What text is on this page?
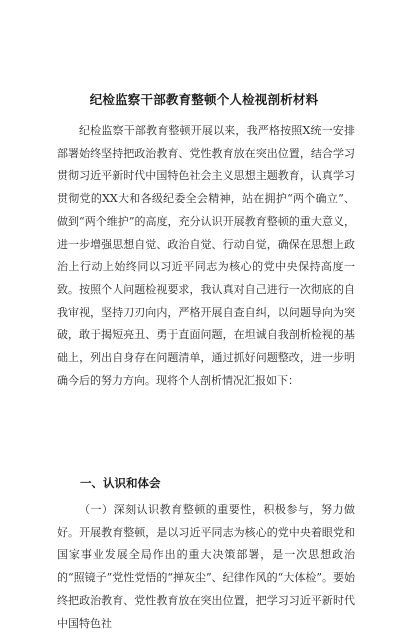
纪检监察干部教育整顿个人检视剖析材料

纪检监察干部教育整顿开展以来，我严格按照X统一安排部署始终坚持把政治教育、党性教育放在突出位置，结合学习贯彻习近平新时代中国特色社会主义思想主题教育，认真学习贯彻党的XX大和各级纪委全会精神，站在拥护“两个确立”、做到“两个维护”的高度，充分认识开展教育整顿的重大意义，进一步增强思想自觉、政治自觉、行动自觉，确保在思想上政治上行动上始终同以习近平同志为核心的党中央保持高度一致。按照个人问题检视要求，我认真对自己进行一次彻底的自我审视，坚持刀刃向内，严格开展自查自纠，以问题导向为突破，敢于揭短亮丑、勇于直面问题，在坦诚自我剖析检视的基础上，列出自身存在问题清单，通过抓好问题整改，进一步明确今后的努力方向。现将个人剖析情况汇报如下：

一、认识和体会

（一）深刻认识教育整顿的重要性，积极参与，努力做好。开展教育整顿，是以习近平同志为核心的党中央着眼党和国家事业发展全局作出的重大决策部署，是一次思想政治的“照镜子”党性党悟的“掸灰尘”、纪律作风的“大体检”。要始终把政治教育、党性教育放在突出位置，把学习习近平新时代中国特色社
